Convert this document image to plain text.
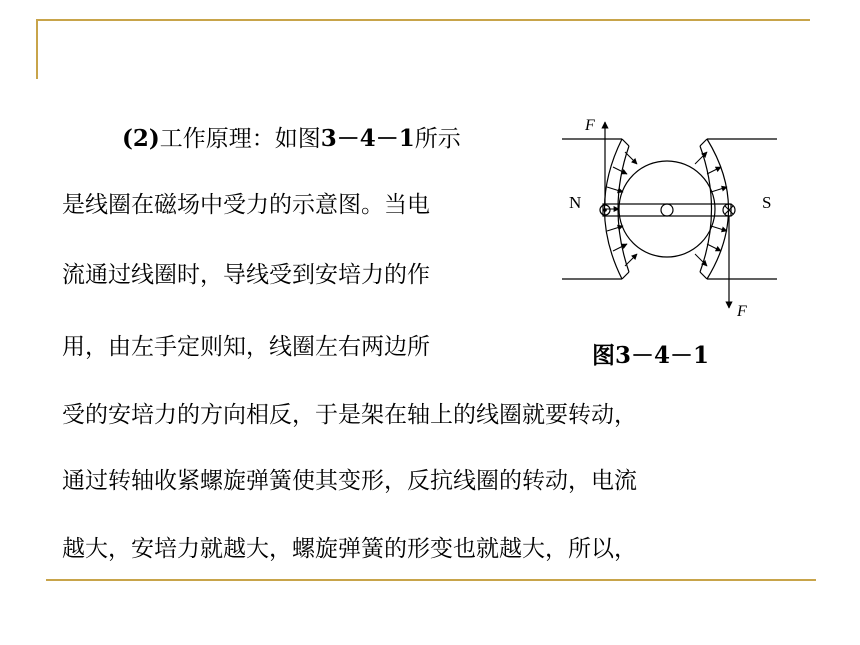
(2)工作原理：如图3－4－1所示
是线圈在磁场中受力的示意图。当电
流通过线圈时，导线受到安培力的作
用，由左手定则知，线圈左右两边所
受的安培力的方向相反，于是架在轴上的线圈就要转动，
通过转轴收紧螺旋弹簧使其变形，反抗线圈的转动，电流
越大，安培力就越大，螺旋弹簧的形变也就越大，所以，
F
F
N	S
图3－4－1
